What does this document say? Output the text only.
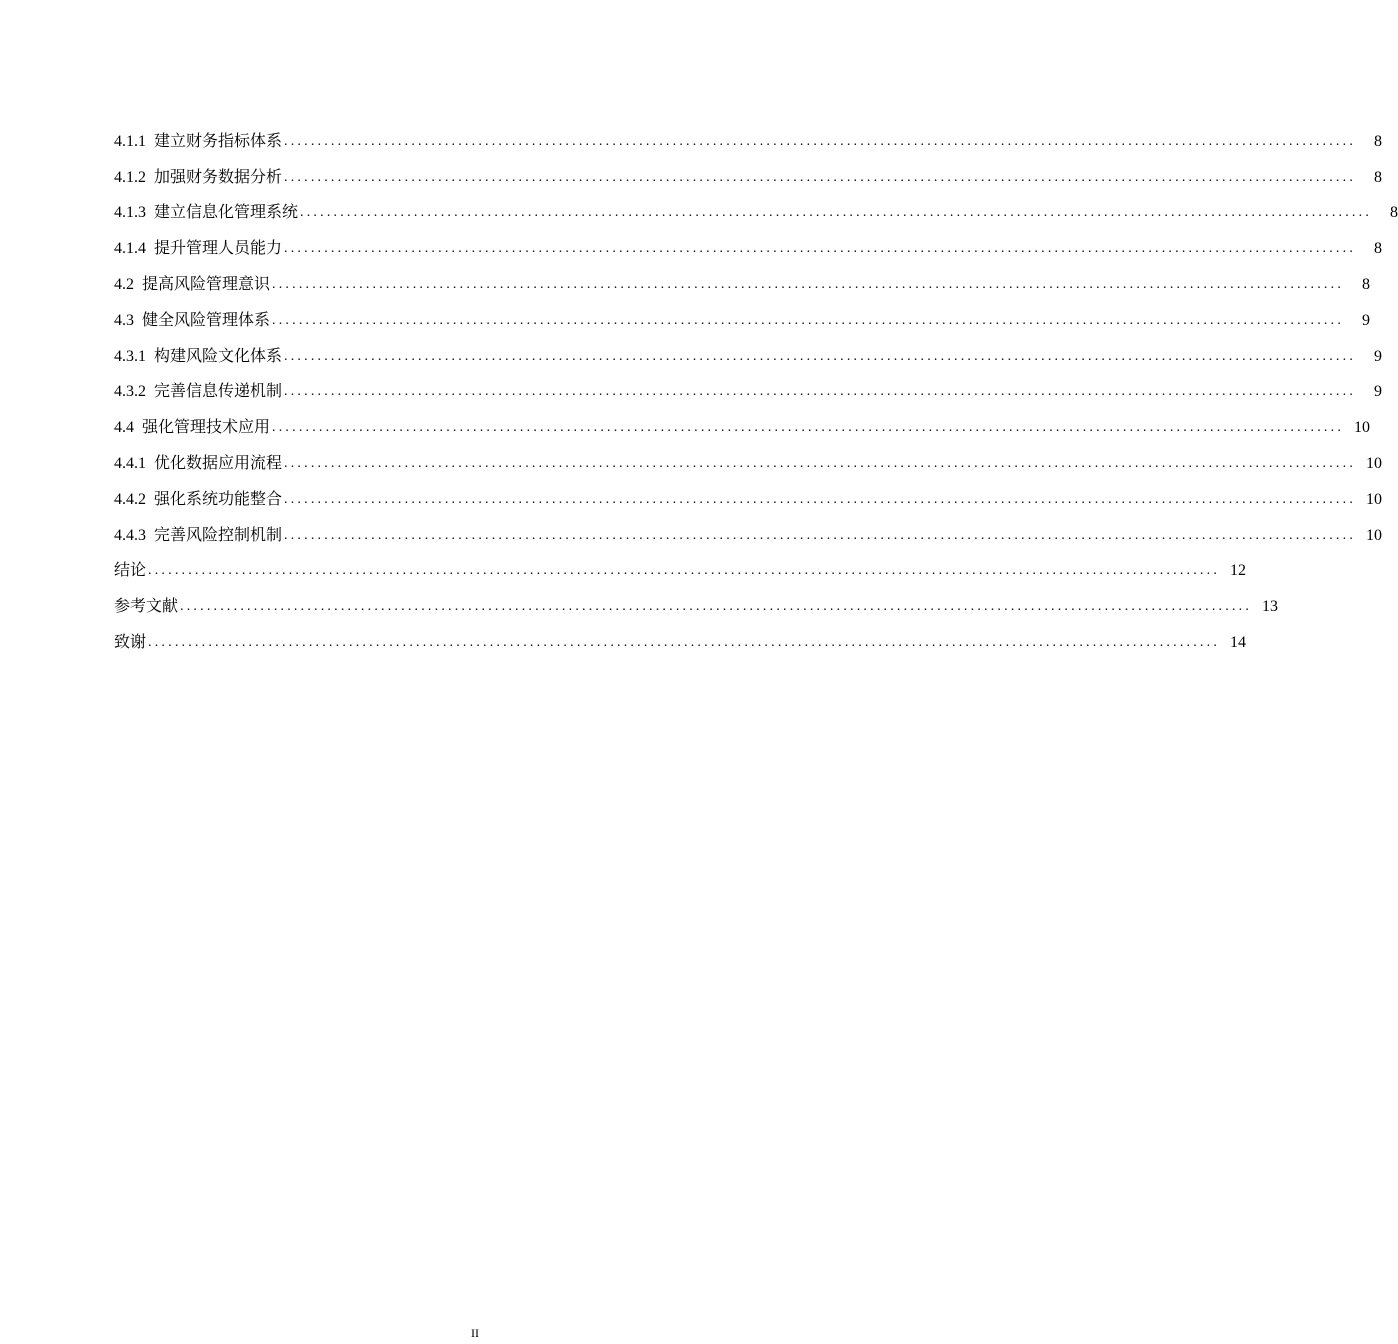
4.1.1 建立财务指标体系 ................................................................................................................................................................	8
4.1.2 加强财务数据分析 ................................................................................................................................................................	8
4.1.3 建立信息化管理系统 ................................................................................................................................................................	8
4.1.4 提升管理人员能力 ................................................................................................................................................................	8
4.2 提高风险管理意识 ................................................................................................................................................................	8
4.3 健全风险管理体系 ................................................................................................................................................................	9
4.3.1 构建风险文化体系 ................................................................................................................................................................	9
4.3.2 完善信息传递机制 ................................................................................................................................................................	9
4.4 强化管理技术应用 ................................................................................................................................................................ 10
4.4.1 优化数据应用流程 ................................................................................................................................................................ 10
4.4.2 强化系统功能整合 ................................................................................................................................................................ 10
4.4.3 完善风险控制机制 ................................................................................................................................................................ 10
结论 ................................................................................................................................................................ 12
参考文献 ................................................................................................................................................................ 13
致谢 ................................................................................................................................................................ 14
II
